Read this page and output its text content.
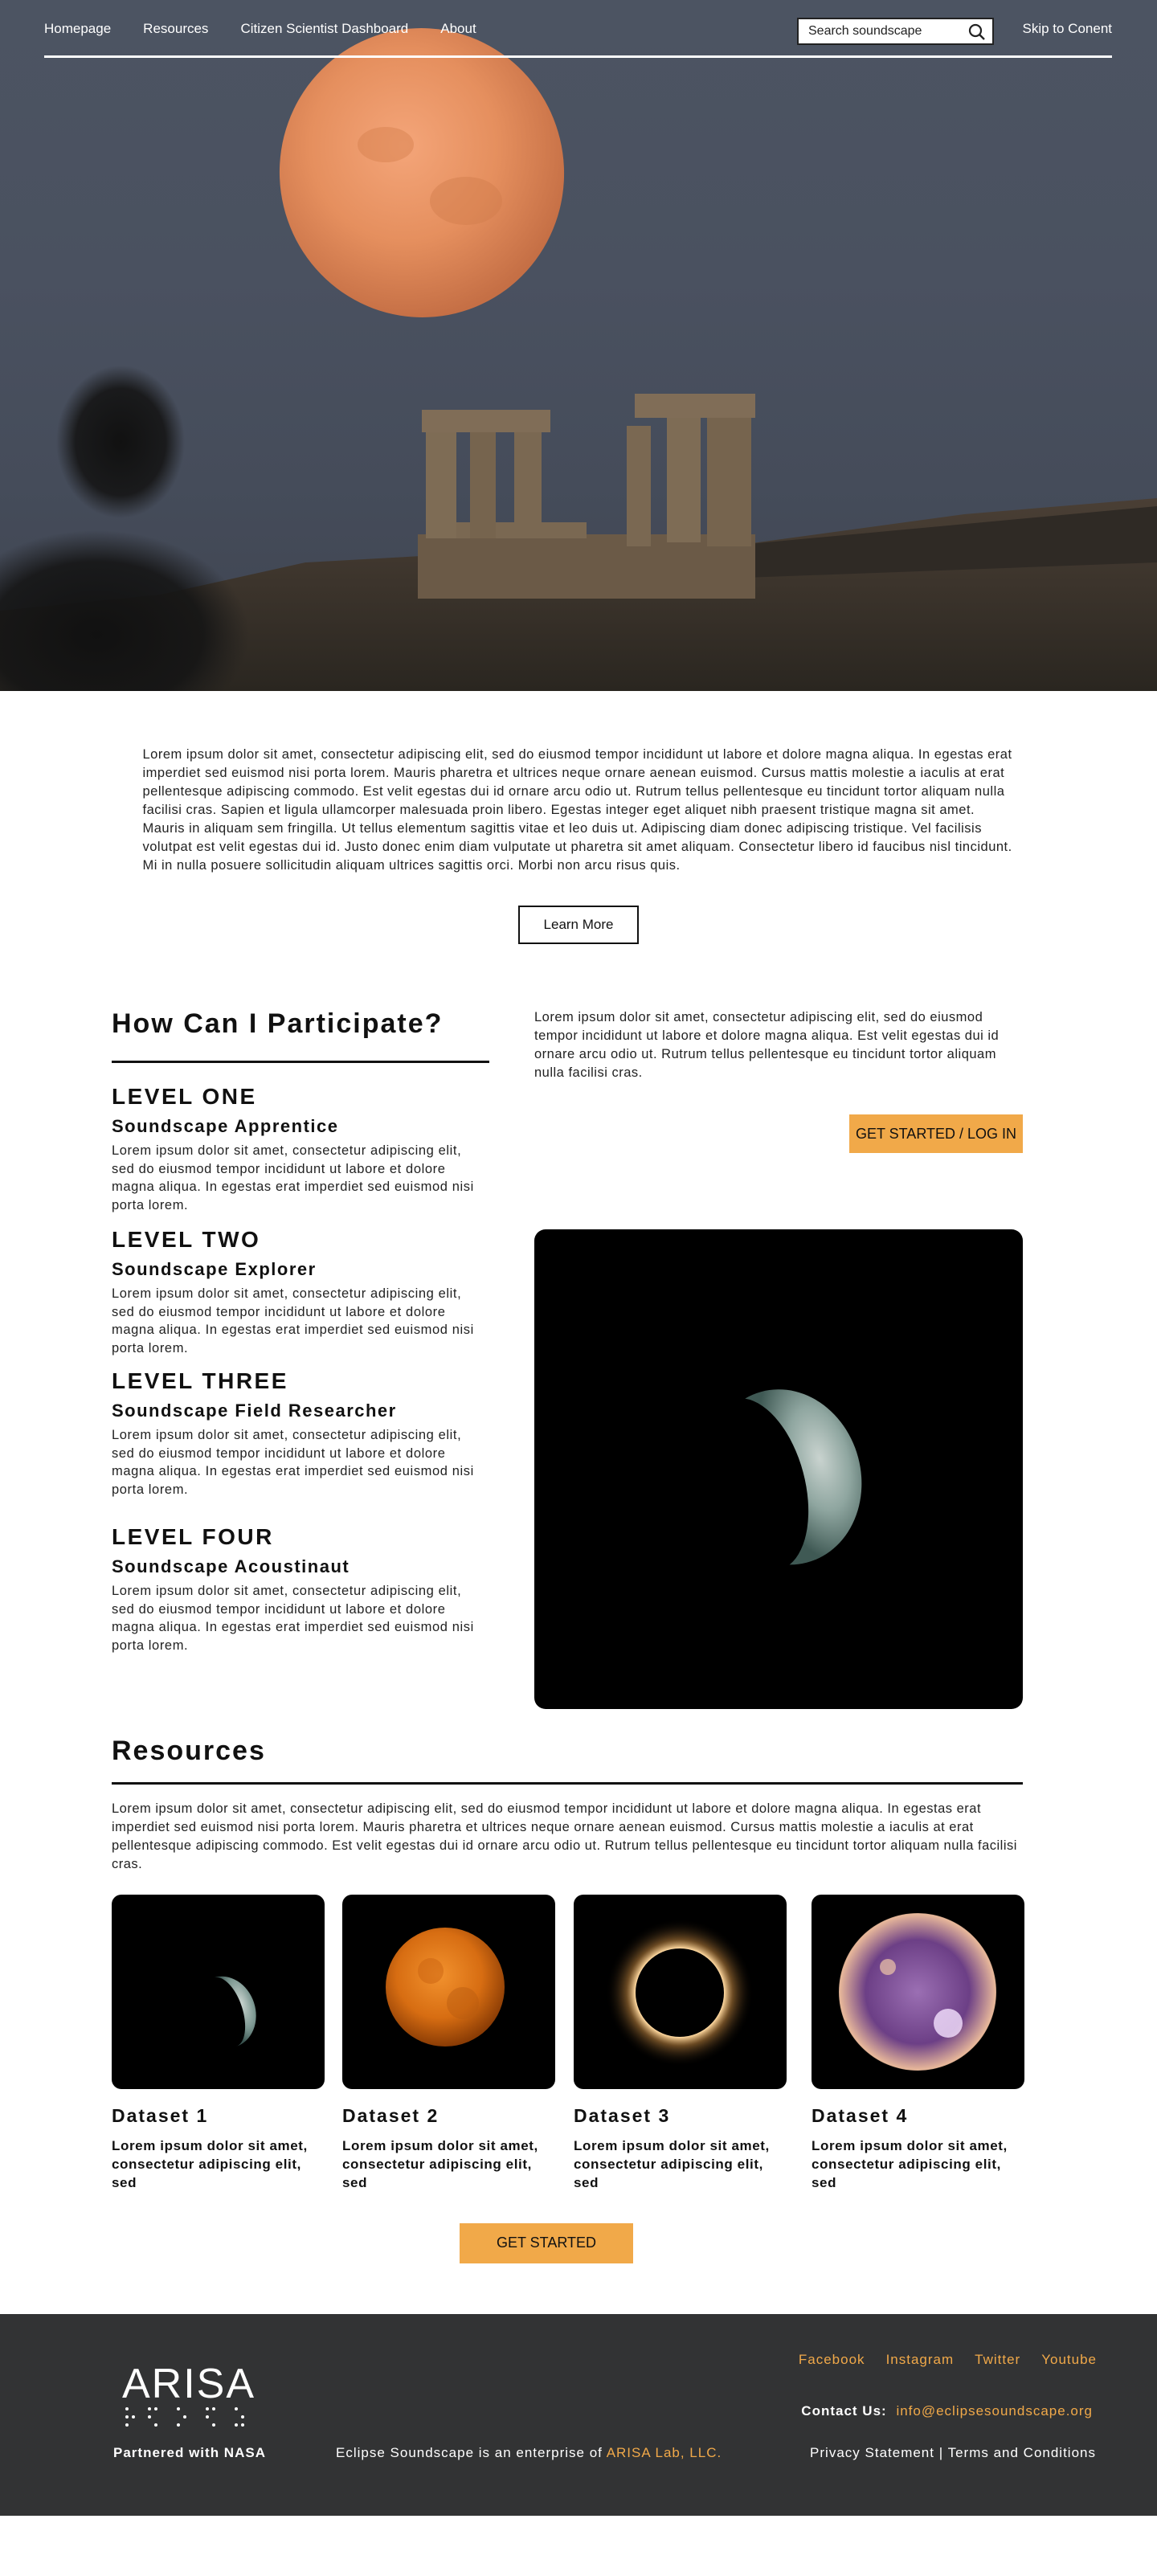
Homepage Resources Citizen Scientist Dashboard About
Search soundscape	Skip to Conent

Lorem ipsum dolor sit amet, consectetur adipiscing elit, sed do eiusmod tempor incididunt ut labore et dolore magna aliqua. In egestas erat imperdiet sed euismod nisi porta lorem. Mauris pharetra et ultrices neque ornare aenean euismod. Cursus mattis molestie a iaculis at erat pellentesque adipiscing commodo. Est velit egestas dui id ornare arcu odio ut. Rutrum tellus pellentesque eu tincidunt tortor aliquam nulla facilisi cras. Sapien et ligula ullamcorper malesuada proin libero. Egestas integer eget aliquet nibh praesent tristique magna sit amet. Mauris in aliquam sem fringilla. Ut tellus elementum sagittis vitae et leo duis ut. Adipiscing diam donec adipiscing tristique. Vel facilisis volutpat est velit egestas dui id. Justo donec enim diam vulputate ut pharetra sit amet aliquam. Consectetur libero id faucibus nisl tincidunt. Mi in nulla posuere sollicitudin aliquam ultrices sagittis orci. Morbi non arcu risus quis.

Learn More
How Can I Participate?
LEVEL ONE
Soundscape Apprentice

Lorem ipsum dolor sit amet, consectetur adipiscing elit, sed do eiusmod tempor incididunt ut labore et dolore magna aliqua. In egestas erat imperdiet sed euismod nisi porta lorem.

LEVEL TWO
Soundscape Explorer

Lorem ipsum dolor sit amet, consectetur adipiscing elit, sed do eiusmod tempor incididunt ut labore et dolore magna aliqua. In egestas erat imperdiet sed euismod nisi porta lorem.

LEVEL THREE
Soundscape Field Researcher

Lorem ipsum dolor sit amet, consectetur adipiscing elit, sed do eiusmod tempor incididunt ut labore et dolore magna aliqua. In egestas erat imperdiet sed euismod nisi porta lorem.

LEVEL FOUR
Soundscape Acoustinaut

Lorem ipsum dolor sit amet, consectetur adipiscing elit, sed do eiusmod tempor incididunt ut labore et dolore magna aliqua. In egestas erat imperdiet sed euismod nisi porta lorem.

Lorem ipsum dolor sit amet, consectetur adipiscing elit, sed do eiusmod tempor incididunt ut labore et dolore magna aliqua. Est velit egestas dui id ornare arcu odio ut. Rutrum tellus pellentesque eu tincidunt tortor aliquam nulla facilisi cras.

GET STARTED / LOG IN
Resources

Lorem ipsum dolor sit amet, consectetur adipiscing elit, sed do eiusmod tempor incididunt ut labore et dolore magna aliqua. In egestas erat imperdiet sed euismod nisi porta lorem. Mauris pharetra et ultrices neque ornare aenean euismod. Cursus mattis molestie a iaculis at erat pellentesque adipiscing commodo. Est velit egestas dui id ornare arcu odio ut. Rutrum tellus pellentesque eu tincidunt tortor aliquam nulla facilisi cras.

Dataset 1

Lorem ipsum dolor sit amet, consectetur adipiscing elit, sed

Dataset 2

Lorem ipsum dolor sit amet, consectetur adipiscing elit, sed

Dataset 3

Lorem ipsum dolor sit amet, consectetur adipiscing elit, sed

Dataset 4

Lorem ipsum dolor sit amet, consectetur adipiscing elit, sed

GET STARTED
ARISA
Partnered with NASA	Eclipse Soundscape is an enterprise of ARISA Lab, LLC.
Facebook Instagram Twitter Youtube
Contact Us: info@eclipsesoundscape.org
Privacy Statement | Terms and Conditions
